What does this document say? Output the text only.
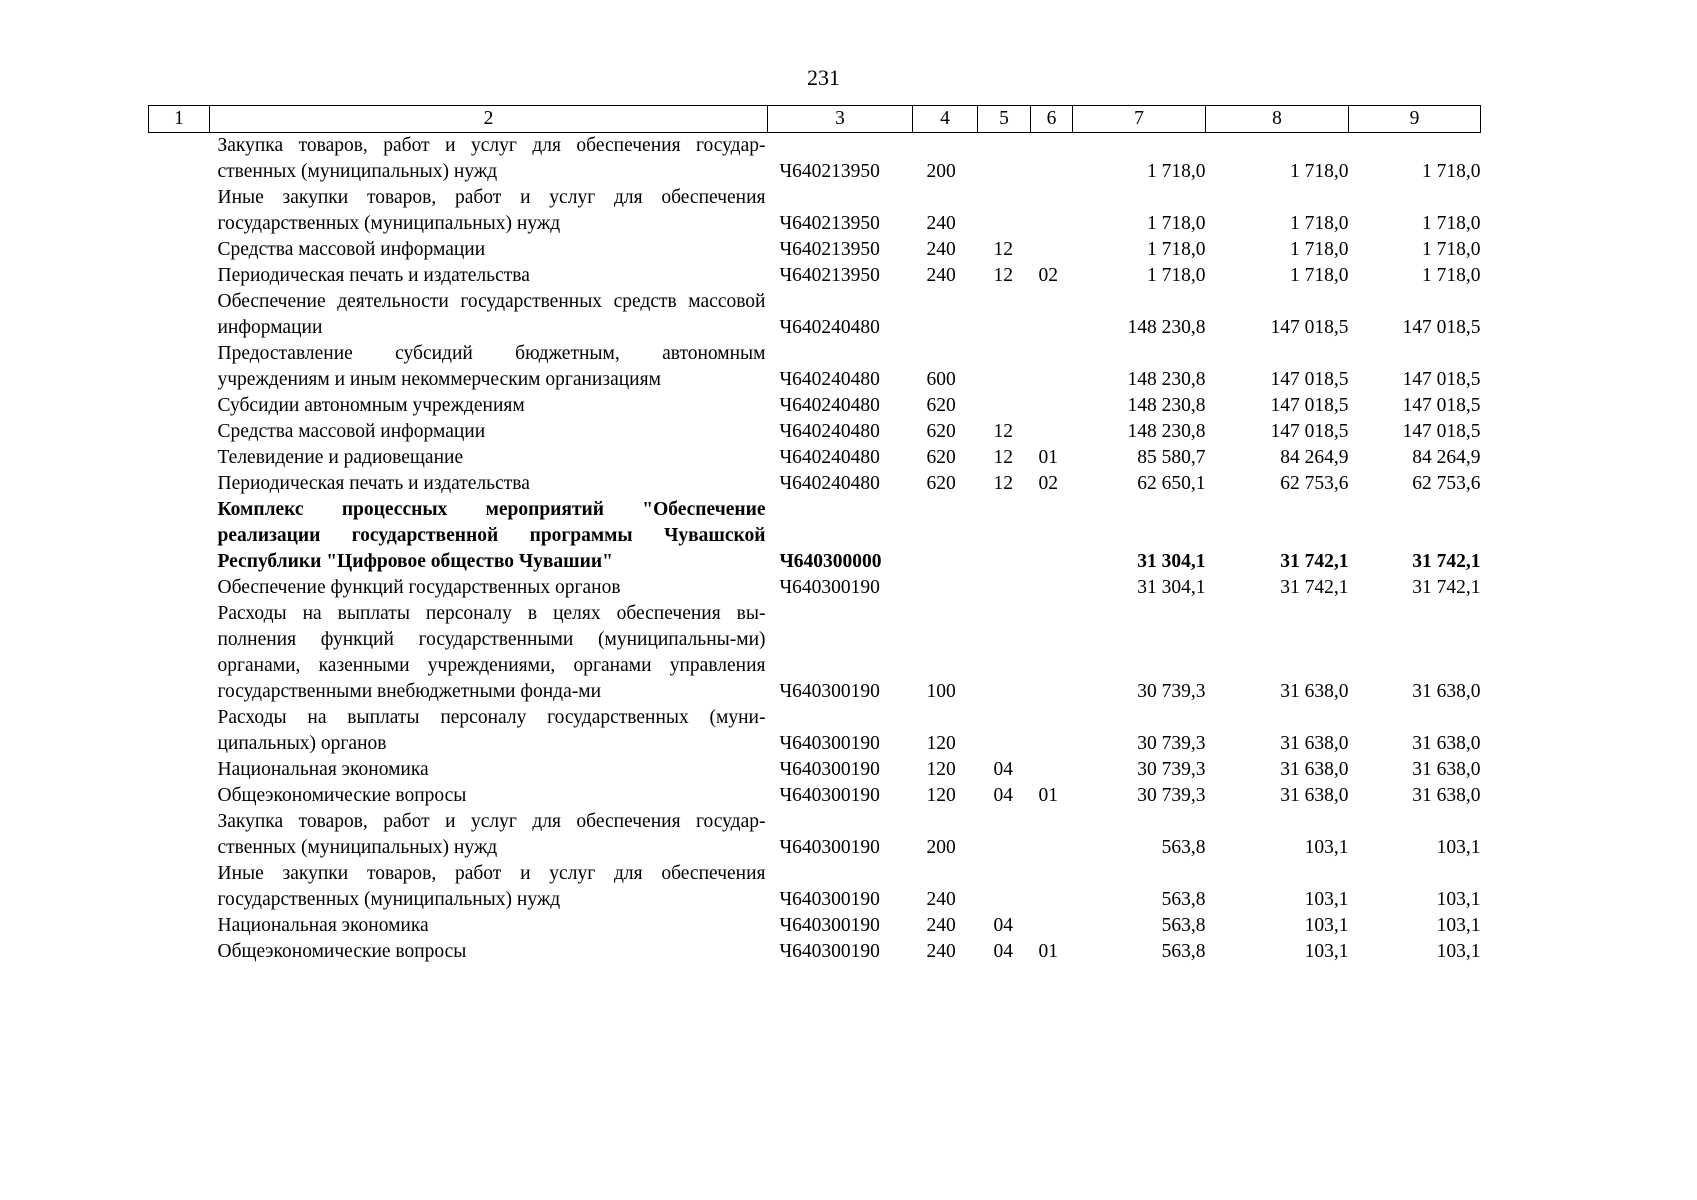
231
1	2	3	4	5	6	7	8	9
	Закупка товаров, работ и услуг для обеспечения государ-ственных (муниципальных) нужд	Ч640213950	200			1 718,0	1 718,0	1 718,0
	Иные закупки товаров, работ и услуг для обеспечения государственных (муниципальных) нужд	Ч640213950	240			1 718,0	1 718,0	1 718,0
	Средства массовой информации	Ч640213950	240	12		1 718,0	1 718,0	1 718,0
	Периодическая печать и издательства	Ч640213950	240	12	02	1 718,0	1 718,0	1 718,0
	Обеспечение деятельности государственных средств массовой информации	Ч640240480				148 230,8	147 018,5	147 018,5
	Предоставление субсидий бюджетным, автономным учреждениям и иным некоммерческим организациям	Ч640240480	600			148 230,8	147 018,5	147 018,5
	Субсидии автономным учреждениям	Ч640240480	620			148 230,8	147 018,5	147 018,5
	Средства массовой информации	Ч640240480	620	12		148 230,8	147 018,5	147 018,5
	Телевидение и радиовещание	Ч640240480	620	12	01	85 580,7	84 264,9	84 264,9
	Периодическая печать и издательства	Ч640240480	620	12	02	62 650,1	62 753,6	62 753,6
	Комплекс процессных мероприятий "Обеспечение реализации государственной программы Чувашской Республики "Цифровое общество Чувашии"	Ч640300000				31 304,1	31 742,1	31 742,1
	Обеспечение функций государственных органов	Ч640300190				31 304,1	31 742,1	31 742,1
	Расходы на выплаты персоналу в целях обеспечения вы-полнения функций государственными (муниципальны-ми) органами, казенными учреждениями, органами управления государственными внебюджетными фонда-ми	Ч640300190	100			30 739,3	31 638,0	31 638,0
	Расходы на выплаты персоналу государственных (муни-ципальных) органов	Ч640300190	120			30 739,3	31 638,0	31 638,0
	Национальная экономика	Ч640300190	120	04		30 739,3	31 638,0	31 638,0
	Общеэкономические вопросы	Ч640300190	120	04	01	30 739,3	31 638,0	31 638,0
	Закупка товаров, работ и услуг для обеспечения государ-ственных (муниципальных) нужд	Ч640300190	200			563,8	103,1	103,1
	Иные закупки товаров, работ и услуг для обеспечения государственных (муниципальных) нужд	Ч640300190	240			563,8	103,1	103,1
	Национальная экономика	Ч640300190	240	04		563,8	103,1	103,1
	Общеэкономические вопросы	Ч640300190	240	04	01	563,8	103,1	103,1
